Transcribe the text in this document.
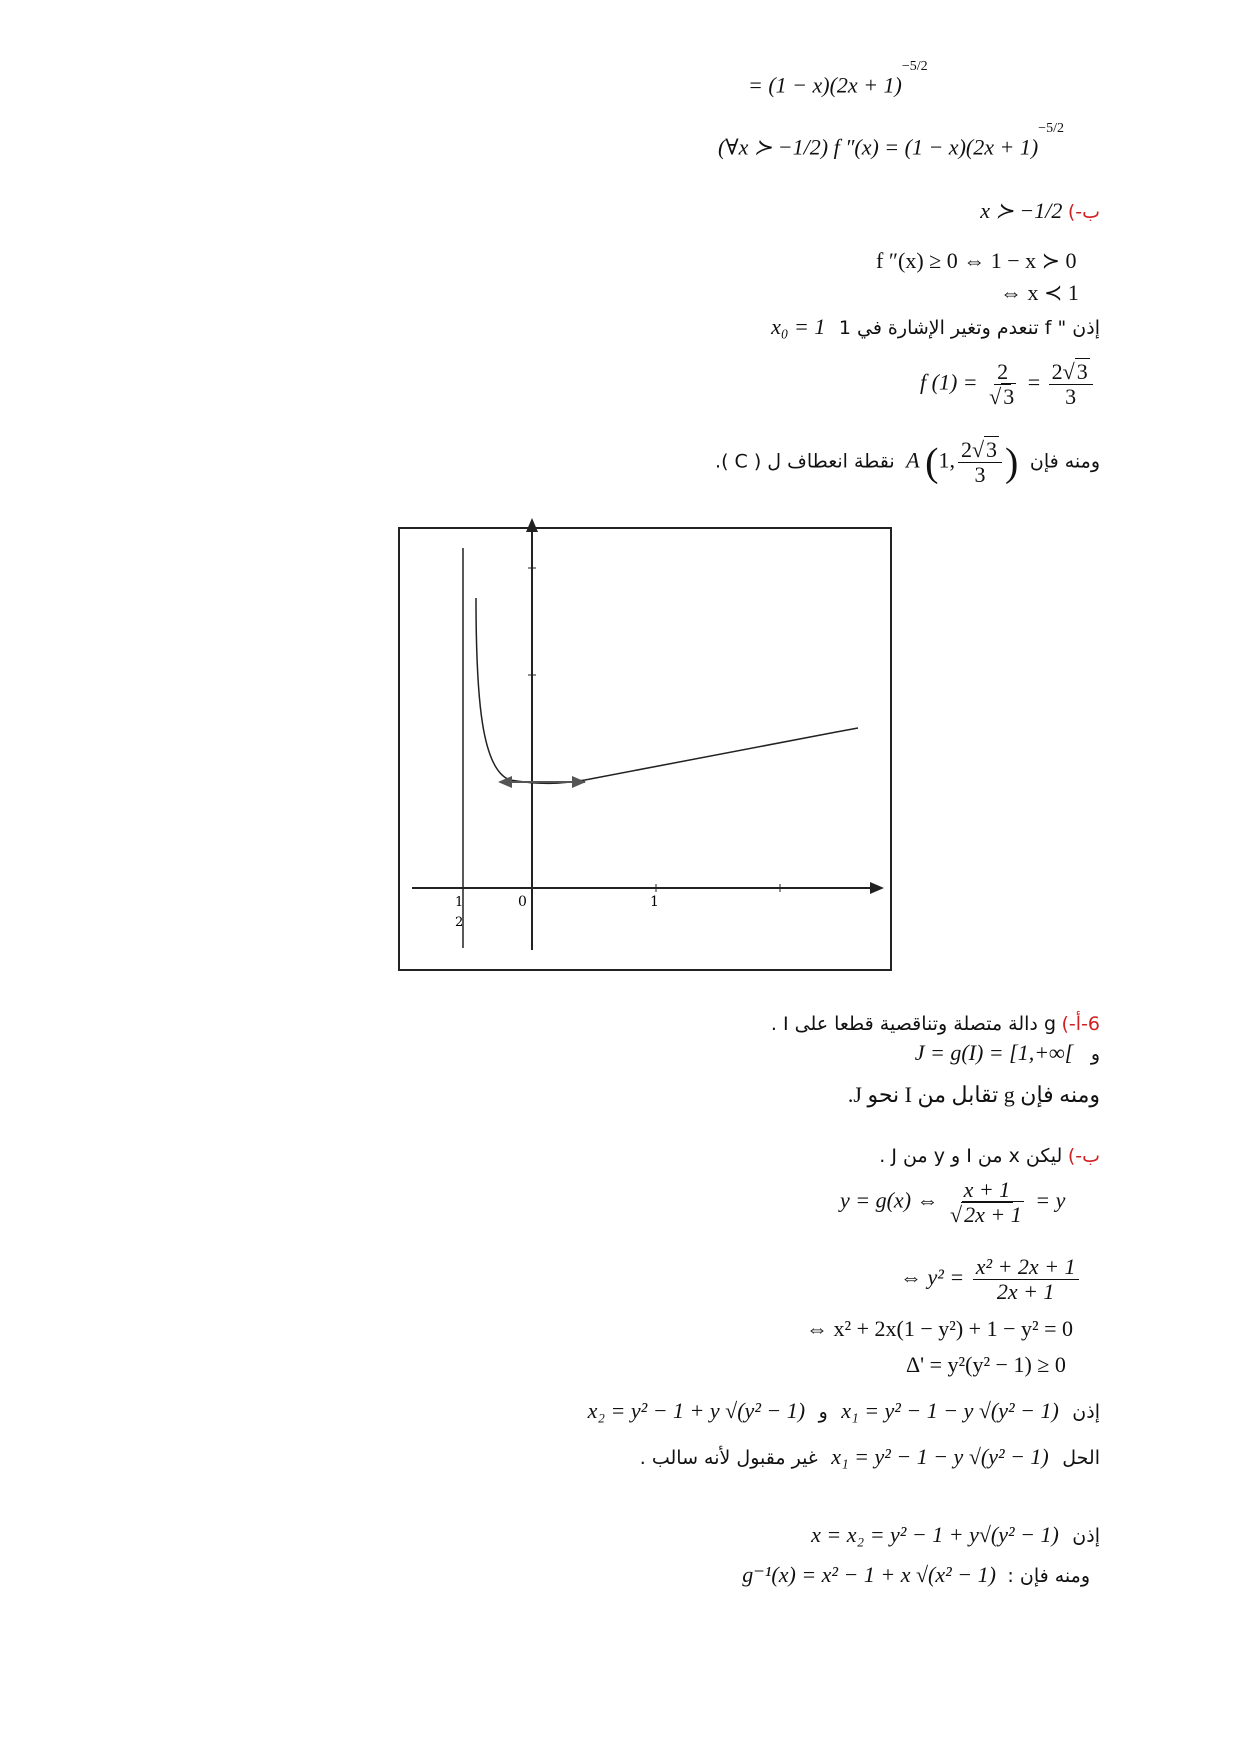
= $(1 - x)(2x + 1)^{-5/2}$
(∀x ≻ −1/2) f $''(x) = (1 - x)(2x + 1)^{-5/2}$
ب-) x ≻ −1/2
f ″(x) ≥ 0 ⇔ 1 − x ≻ 0
⇔ x ≺ 1
إذن " f تنعدم وتغير الإشارة في 1 x₀ = 1
f $(1) = \frac{2}{√3} = \frac{2√3}{3}$
ومنه فإن A (1, $\frac{2√3}{3}$ ) نقطة انعطاف ل ( C ).
1
2
0	1
6-أ-) g دالة متصلة وتناقصية قطعا على I .
و J = g(I) = [1,+∞[
ومنه فإن g تقابل من I نحو J.
ب-) ليكن x من I و y من J .
y = g(x) ⇔ $\frac{x + 1}{√2x + 1} = y$
⇔ $y^2 = \frac{\text{x² + 2x + 1}}{2x + 1}$
⇔ x² + 2x(1 − y²) + 1 − y² = 0
Δ' = y²(y² − 1) ≥ 0
إذن x₁ = y² − 1 − y √(y² − 1) و x₂ = y² − 1 + y √(y² − 1)
الحل x₁ = y² − 1 − y √(y² − 1) غير مقبول لأنه سالب .
إذن x = x₂ = y² − 1 + y√(y² − 1)
ومنه فإن : g⁻¹(x) = x² − 1 + x √(x² − 1)
